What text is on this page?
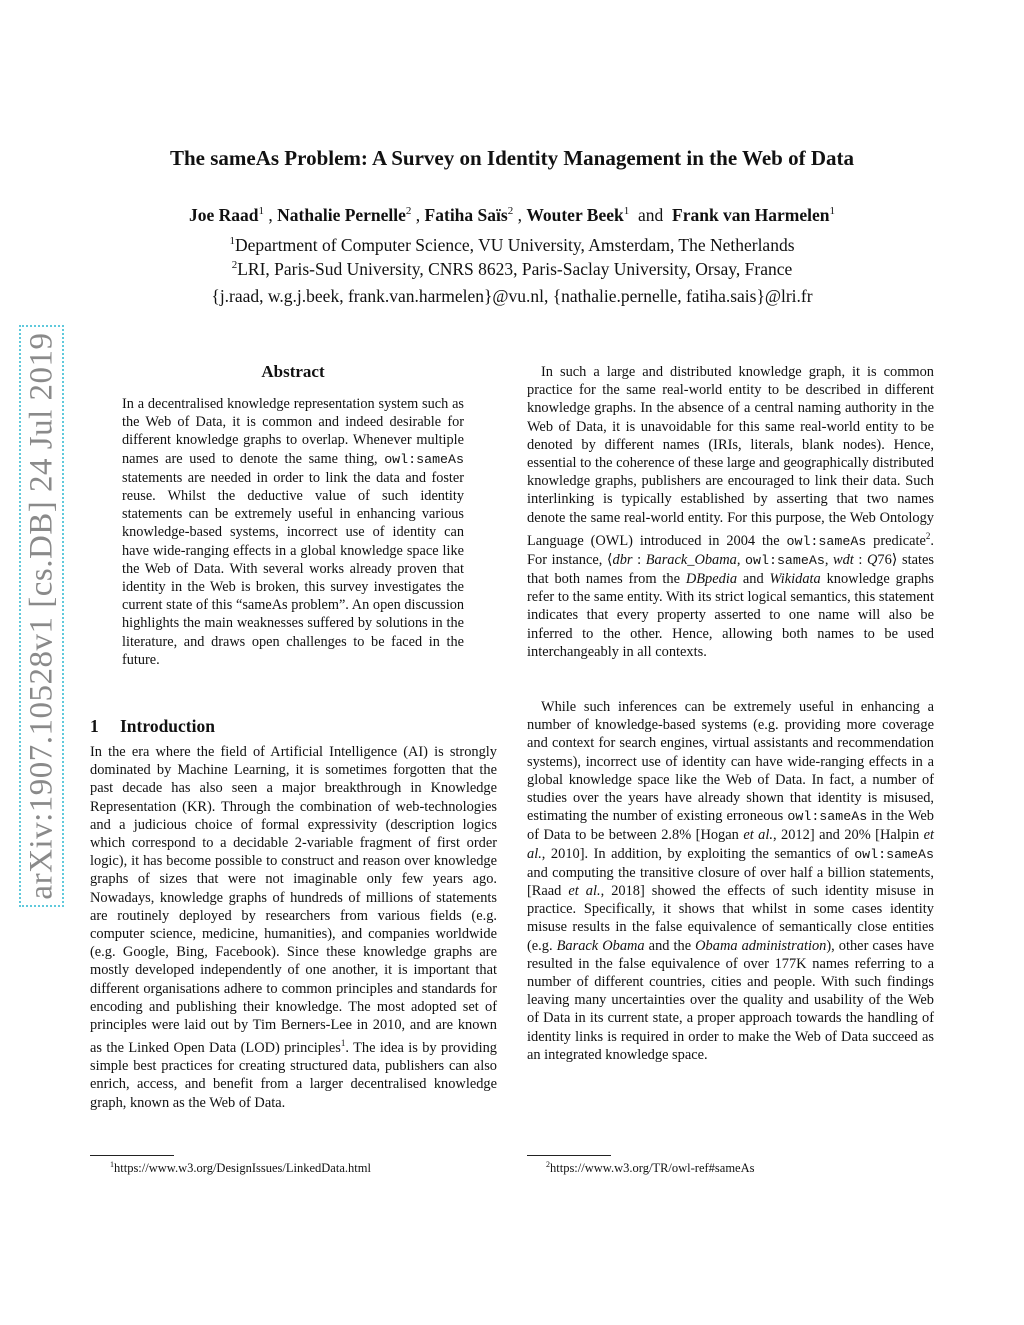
arXiv:1907.10528v1 [cs.DB] 24 Jul 2019
The sameAs Problem: A Survey on Identity Management in the Web of Data
Joe Raad$^1$ , Nathalie Pernelle$^2$ , Fatiha Saïs$^2$ , Wouter Beek$^1$  and  Frank van Harmelen$^1$
$^1$Department of Computer Science, VU University, Amsterdam, The Netherlands
$^2$LRI, Paris-Sud University, CNRS 8623, Paris-Saclay University, Orsay, France
{j.raad, w.g.j.beek, frank.van.harmelen}@vu.nl, {nathalie.pernelle, fatiha.sais}@lri.fr
Abstract

In a decentralised knowledge representation system such as the Web of Data, it is common and indeed desirable for different knowledge graphs to overlap. Whenever multiple names are used to denote the same thing, owl:sameAs statements are needed in order to link the data and foster reuse. Whilst the deductive value of such identity statements can be extremely useful in enhancing various knowledge-based systems, incorrect use of identity can have wide-ranging effects in a global knowledge space like the Web of Data. With several works already proven that identity in the Web is broken, this survey investigates the current state of this “sameAs problem”. An open discussion highlights the main weaknesses suffered by solutions in the literature, and draws open challenges to be faced in the future.

1 Introduction

In the era where the field of Artificial Intelligence (AI) is strongly dominated by Machine Learning, it is sometimes forgotten that the past decade has also seen a major breakthrough in Knowledge Representation (KR). Through the combination of web-technologies and a judicious choice of formal expressivity (description logics which correspond to a decidable 2-variable fragment of first order logic), it has become possible to construct and reason over knowledge graphs of sizes that were not imaginable only few years ago. Nowadays, knowledge graphs of hundreds of millions of statements are routinely deployed by researchers from various fields (e.g. computer science, medicine, humanities), and companies worldwide (e.g. Google, Bing, Facebook). Since these knowledge graphs are mostly developed independently of one another, it is important that different organisations adhere to common principles and standards for encoding and publishing their knowledge. The most adopted set of principles were laid out by Tim Berners-Lee in 2010, and are known as the Linked Open Data (LOD) principles$^1$. The idea is by providing simple best practices for creating structured data, publishers can also enrich, access, and benefit from a larger decentralised knowledge graph, known as the Web of Data.

In such a large and distributed knowledge graph, it is common practice for the same real-world entity to be described in different knowledge graphs. In the absence of a central naming authority in the Web of Data, it is unavoidable for this same real-world entity to be denoted by different names (IRIs, literals, blank nodes). Hence, essential to the coherence of these large and geographically distributed knowledge graphs, publishers are encouraged to link their data. Such interlinking is typically established by asserting that two names denote the same real-world entity. For this purpose, the Web Ontology Language (OWL) introduced in 2004 the owl:sameAs predicate$^2$. For instance, ⟨dbr : Barack_Obama, owl:sameAs, wdt : Q76⟩ states that both names from the DBpedia and Wikidata knowledge graphs refer to the same entity. With its strict logical semantics, this statement indicates that every property asserted to one name will also be inferred to the other. Hence, allowing both names to be used interchangeably in all contexts.

While such inferences can be extremely useful in enhancing a number of knowledge-based systems (e.g. providing more coverage and context for search engines, virtual assistants and recommendation systems), incorrect use of identity can have wide-ranging effects in a global knowledge space like the Web of Data. In fact, a number of studies over the years have already shown that identity is misused, estimating the number of existing erroneous owl:sameAs in the Web of Data to be between 2.8% [Hogan et al., 2012] and 20% [Halpin et al., 2010]. In addition, by exploiting the semantics of owl:sameAs and computing the transitive closure of over half a billion statements, [Raad et al., 2018] showed the effects of such identity misuse in practice. Specifically, it shows that whilst in some cases identity misuse results in the false equivalence of semantically close entities (e.g. Barack Obama and the Obama administration), other cases have resulted in the false equivalence of over 177K names referring to a number of different countries, cities and people. With such findings leaving many uncertainties over the quality and usability of the Web of Data in its current state, a proper approach towards the handling of identity links is required in order to make the Web of Data succeed as an integrated knowledge space.

$^1$https://www.w3.org/DesignIssues/LinkedData.html	$^2$https://www.w3.org/TR/owl-ref#sameAs
